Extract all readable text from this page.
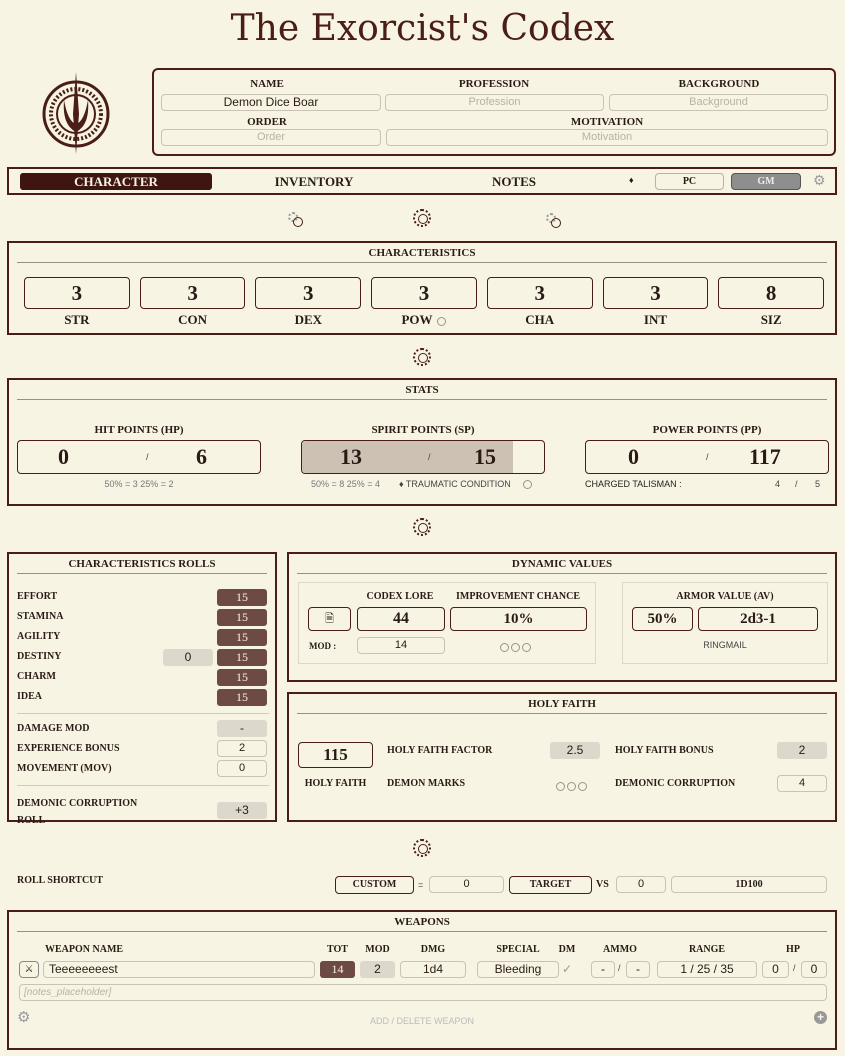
The Exorcist's Codex
NAME	PROFESSION	BACKGROUND
Demon Dice Boar	Profession	Background
ORDER	MOTIVATION
Order	Motivation
CHARACTER	INVENTORY	NOTES	♦	PC	GM	⚙
CHARACTERISTICS
3
STR
3
CON
3
DEX
3
POW
3
CHA
3
INT
8
SIZ
STATS
HIT POINTS (HP)
0	/ 6
50% = 3 25% = 2
SPIRIT POINTS (SP)
13	/ 15
50% = 8 25% = 4 ♦ TRAUMATIC CONDITION
POWER POINTS (PP)
0	/ 117
CHARGED TALISMAN :	4 / 5
CHARACTERISTICS ROLLS
EFFORT	15
STAMINA	15
AGILITY	15
DESTINY	0	15
CHARM	15
IDEA	15
DAMAGE MOD	-
EXPERIENCE BONUS	2
MOVEMENT (MOV)	0
DEMONIC CORRUPTION ROLL
+3
DYNAMIC VALUES
CODEX LORE	IMPROVEMENT CHANCE
🗎	44	10%
MOD :	14
ARMOR VALUE (AV)
50%	2d3-1
RINGMAIL
HOLY FAITH
115
HOLY FAITH
HOLY FAITH FACTOR	2.5	HOLY FAITH BONUS	2
DEMON MARKS	DEMONIC CORRUPTION	4
ROLL SHORTCUT	CUSTOM	=	0	TARGET	VS	0	1D100
WEAPONS
WEAPON NAME	TOT	MOD	DMG	SPECIAL	DM	AMMO	RANGE	HP
⚔	Teeeeeeeest	14	2	1d4	Bleeding	✓	-	/	-	1 / 25 / 35	0	/	0
[notes_placeholder]
⚙	ADD / DELETE WEAPON	+
